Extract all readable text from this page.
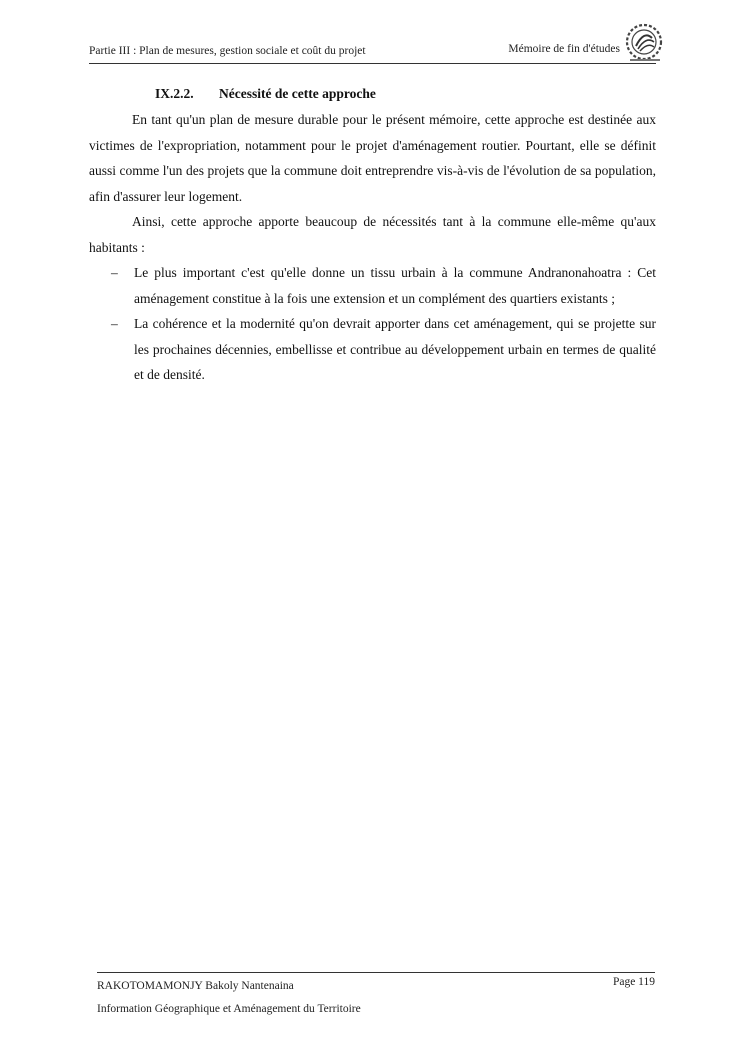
Partie III : Plan de mesures, gestion sociale et coût du projet	Mémoire de fin d'études
IX.2.2. Nécessité de cette approche
En tant qu'un plan de mesure durable pour le présent mémoire, cette approche est destinée aux victimes de l'expropriation, notamment pour le projet d'aménagement routier. Pourtant, elle se définit aussi comme l'un des projets que la commune doit entreprendre vis-à-vis de l'évolution de sa population, afin d'assurer leur logement.
Ainsi, cette approche apporte beaucoup de nécessités tant à la commune elle-même qu'aux habitants :
– Le plus important c'est qu'elle donne un tissu urbain à la commune Andranonahoatra : Cet aménagement constitue à la fois une extension et un complément des quartiers existants ;
– La cohérence et la modernité qu'on devrait apporter dans cet aménagement, qui se projette sur les prochaines décennies, embellisse et contribue au développement urbain en termes de qualité et de densité.
RAKOTOMAMONJY Bakoly Nantenaina
Information Géographique et Aménagement du Territoire
Page 119
